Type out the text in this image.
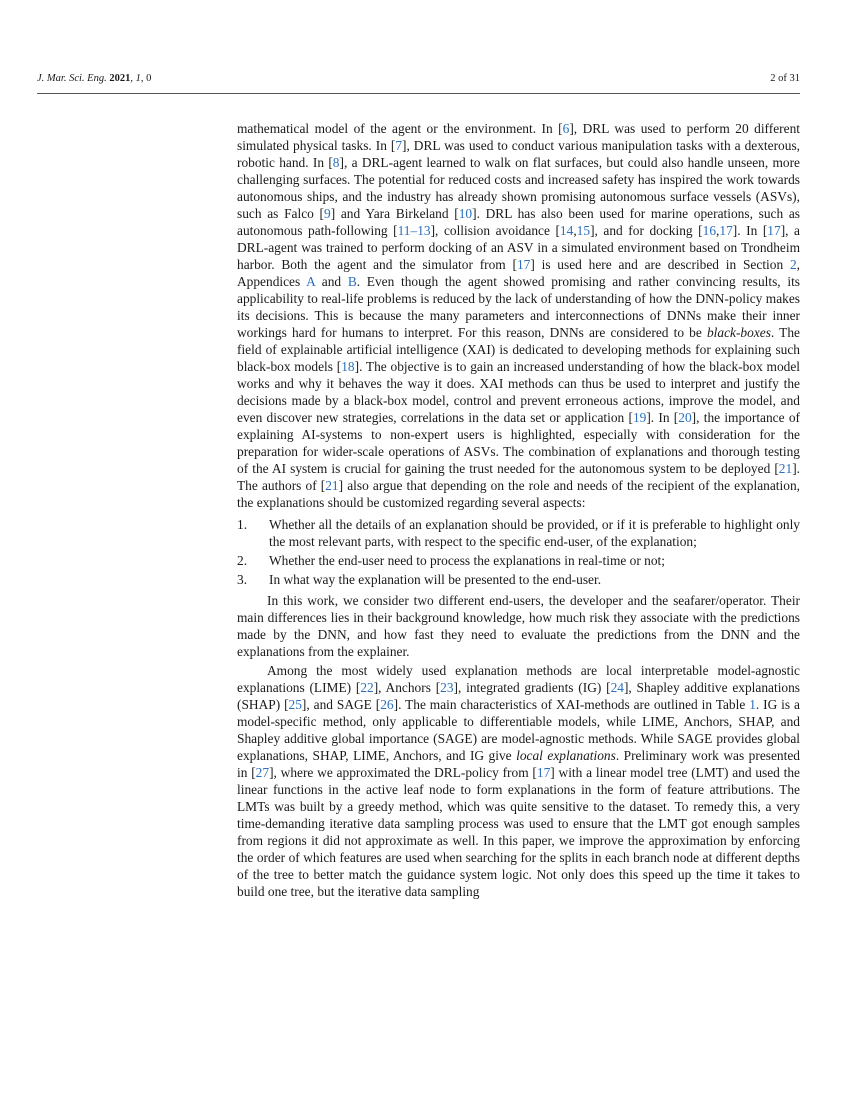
J. Mar. Sci. Eng. 2021, 1, 0	2 of 31

mathematical model of the agent or the environment. In [6], DRL was used to perform 20 different simulated physical tasks. In [7], DRL was used to conduct various manipulation tasks with a dexterous, robotic hand. In [8], a DRL-agent learned to walk on flat surfaces, but could also handle unseen, more challenging surfaces. The potential for reduced costs and increased safety has inspired the work towards autonomous ships, and the industry has already shown promising autonomous surface vessels (ASVs), such as Falco [9] and Yara Birkeland [10]. DRL has also been used for marine operations, such as autonomous path-following [11–13], collision avoidance [14,15], and for docking [16,17]. In [17], a DRL-agent was trained to perform docking of an ASV in a simulated environment based on Trondheim harbor. Both the agent and the simulator from [17] is used here and are described in Section 2, Appendices A and B. Even though the agent showed promising and rather convincing results, its applicability to real-life problems is reduced by the lack of understanding of how the DNN-policy makes its decisions. This is because the many parameters and interconnections of DNNs make their inner workings hard for humans to interpret. For this reason, DNNs are considered to be black-boxes. The field of explainable artificial intelligence (XAI) is dedicated to developing methods for explaining such black-box models [18]. The objective is to gain an increased understanding of how the black-box model works and why it behaves the way it does. XAI methods can thus be used to interpret and justify the decisions made by a black-box model, control and prevent erroneous actions, improve the model, and even discover new strategies, correlations in the data set or application [19]. In [20], the importance of explaining AI-systems to non-expert users is highlighted, especially with consideration for the preparation for wider-scale operations of ASVs. The combination of explanations and thorough testing of the AI system is crucial for gaining the trust needed for the autonomous system to be deployed [21]. The authors of [21] also argue that depending on the role and needs of the recipient of the explanation, the explanations should be customized regarding several aspects:

1. Whether all the details of an explanation should be provided, or if it is preferable to highlight only the most relevant parts, with respect to the specific end-user, of the explanation;
2. Whether the end-user need to process the explanations in real-time or not;
3. In what way the explanation will be presented to the end-user.

In this work, we consider two different end-users, the developer and the seafarer/operator. Their main differences lies in their background knowledge, how much risk they associate with the predictions made by the DNN, and how fast they need to evaluate the predictions from the DNN and the explanations from the explainer.

Among the most widely used explanation methods are local interpretable model-agnostic explanations (LIME) [22], Anchors [23], integrated gradients (IG) [24], Shapley additive explanations (SHAP) [25], and SAGE [26]. The main characteristics of XAI-methods are outlined in Table 1. IG is a model-specific method, only applicable to differentiable models, while LIME, Anchors, SHAP, and Shapley additive global importance (SAGE) are model-agnostic methods. While SAGE provides global explanations, SHAP, LIME, Anchors, and IG give local explanations. Preliminary work was presented in [27], where we approximated the DRL-policy from [17] with a linear model tree (LMT) and used the linear functions in the active leaf node to form explanations in the form of feature attributions. The LMTs was built by a greedy method, which was quite sensitive to the dataset. To remedy this, a very time-demanding iterative data sampling process was used to ensure that the LMT got enough samples from regions it did not approximate as well. In this paper, we improve the approximation by enforcing the order of which features are used when searching for the splits in each branch node at different depths of the tree to better match the guidance system logic. Not only does this speed up the time it takes to build one tree, but the iterative data sampling
